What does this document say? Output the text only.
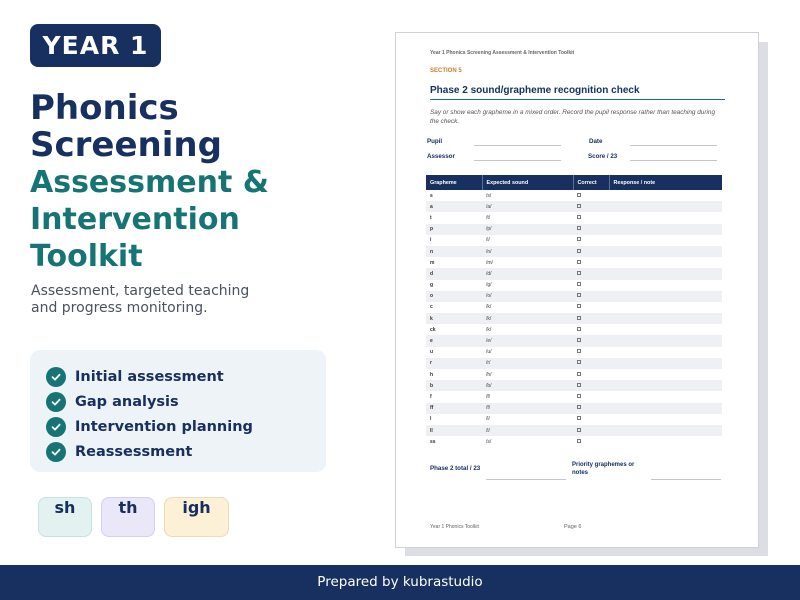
YEAR 1
Phonics
Screening
Assessment &
Intervention
Toolkit
Assessment, targeted teaching
and progress monitoring.
Initial assessment
Gap analysis
Intervention planning
Reassessment
sh	th	igh
Year 1 Phonics Screening Assessment & Intervention Toolkit
SECTION 5
Phase 2 sound/grapheme recognition check
Say or show each grapheme in a mixed order. Record the pupil response rather than teaching during the check.
Pupil	Date
Assessor	Score / 23
Grapheme	Expected sound	Correct	Response / note
s	/s/		
a	/a/		
t	/t/		
p	/p/		
i	/i/		
n	/n/		
m	/m/		
d	/d/		
g	/g/		
o	/o/		
c	/k/		
k	/k/		
ck	/k/		
e	/e/		
u	/u/		
r	/r/		
h	/h/		
b	/b/		
f	/f/		
ff	/f/		
l	/l/		
ll	/l/		
ss	/s/		
Phase 2 total / 23	Priority graphemes or notes
Year 1 Phonics Toolkit	Page 6
Prepared by kubrastudio
